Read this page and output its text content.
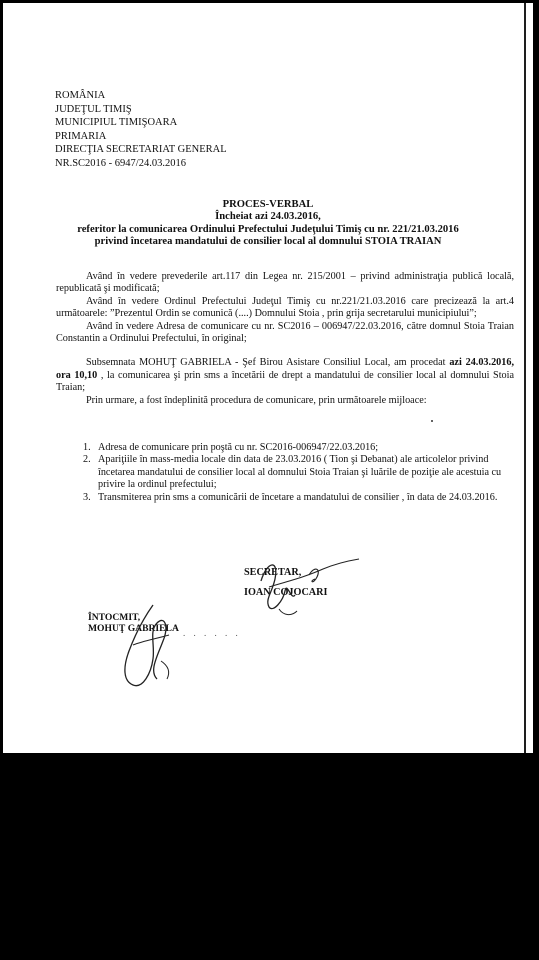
ROMÂNIA
JUDEŢUL TIMIŞ
MUNICIPIUL TIMIŞOARA
PRIMARIA
DIRECŢIA SECRETARIAT GENERAL
NR.SC2016 - 6947/24.03.2016
PROCES-VERBAL
Încheiat azi 24.03.2016,
referitor la comunicarea Ordinului Prefectului Judeţului Timiş cu nr. 221/21.03.2016
privind încetarea mandatului de consilier local al domnului STOIA TRAIAN

Având în vedere prevederile art.117 din Legea nr. 215/2001 – privind administraţia publică locală, republicată şi modificată;

Având în vedere Ordinul Prefectului Judeţul Timiş cu nr.221/21.03.2016 care precizează la art.4 următoarele: ”Prezentul Ordin se comunică (....) Domnului Stoia , prin grija secretarului municipiului”;

Având în vedere Adresa de comunicare cu nr. SC2016 – 006947/22.03.2016, către domnul Stoia Traian Constantin a Ordinului Prefectului, în original;

Subsemnata MOHUŢ GABRIELA - Şef Birou Asistare Consiliul Local, am procedat azi 24.03.2016, ora 10,10 , la comunicarea şi prin sms a încetării de drept a mandatului de consilier local al domnului Stoia Traian;

Prin urmare, a fost îndeplinită procedura de comunicare, prin următoarele mijloace:

1. Adresa de comunicare prin poştă cu nr. SC2016-006947/22.03.2016;
2. Apariţiile în mass-media locale din data de 23.03.2016 ( Tion şi Debanat) ale articolelor privind încetarea mandatului de consilier local al domnului Stoia Traian şi luările de poziţie ale acestuia cu privire la ordinul prefectului;
3. Transmiterea prin sms a comunicării de încetare a mandatului de consilier , în data de 24.03.2016.
SECRETAR,
IOAN COJOCARI
ÎNTOCMIT,
MOHUŢ GABRIELA . . . . . .
